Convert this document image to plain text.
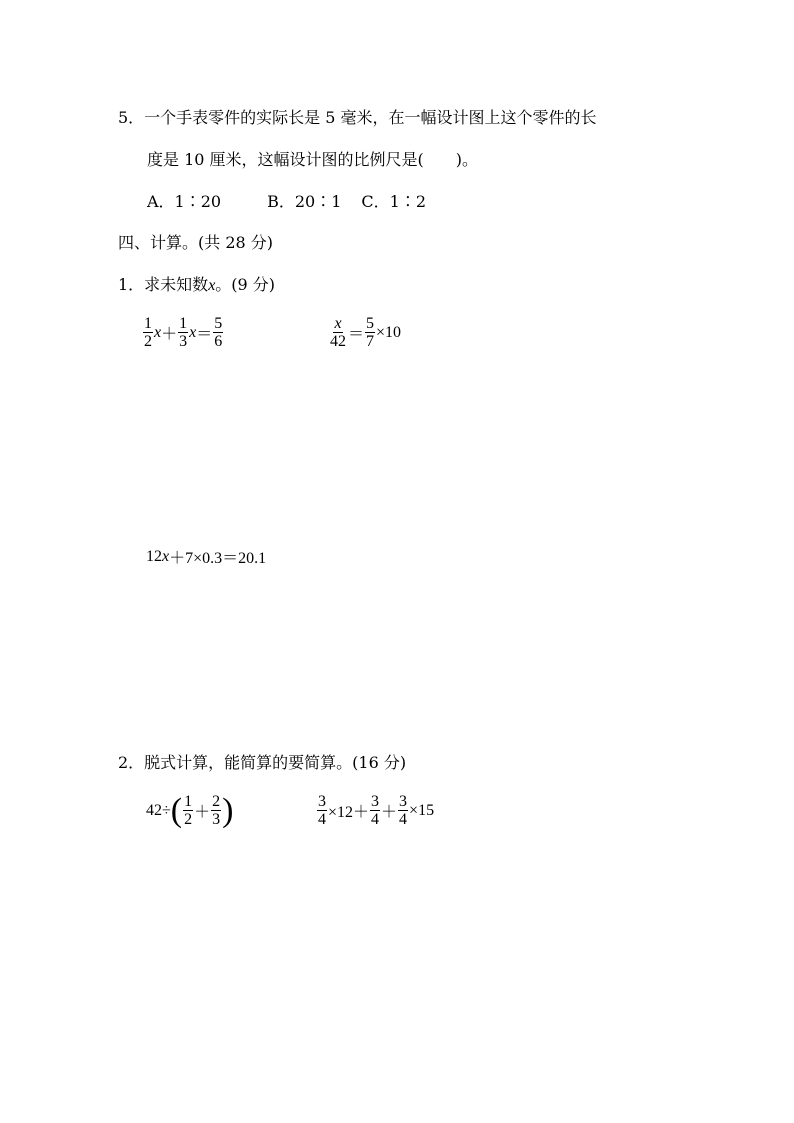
5．一个手表零件的实际长是 5 毫米，在一幅设计图上这个零件的长
度是 10 厘米，这幅设计图的比例尺是(　　)。
A．1∶20	B．20∶1 C．1∶2
四、计算。(共 28 分)
1．求未知数x。(9 分)
$\frac{1}{2}$ $x + \frac{1}{3}$ $x = \frac{5}{6}$	$\frac{x}{42} = \frac{5}{7} \times 10$
12 x ＋7×0.3＝20.1
2．脱式计算，能简算的要简算。(16 分)
42÷ ( $\frac{1}{2} + \frac{2}{3}$ )	$\frac{3}{4} \times 12+ \frac{3}{4} + \frac{3}{4} \times 15$
